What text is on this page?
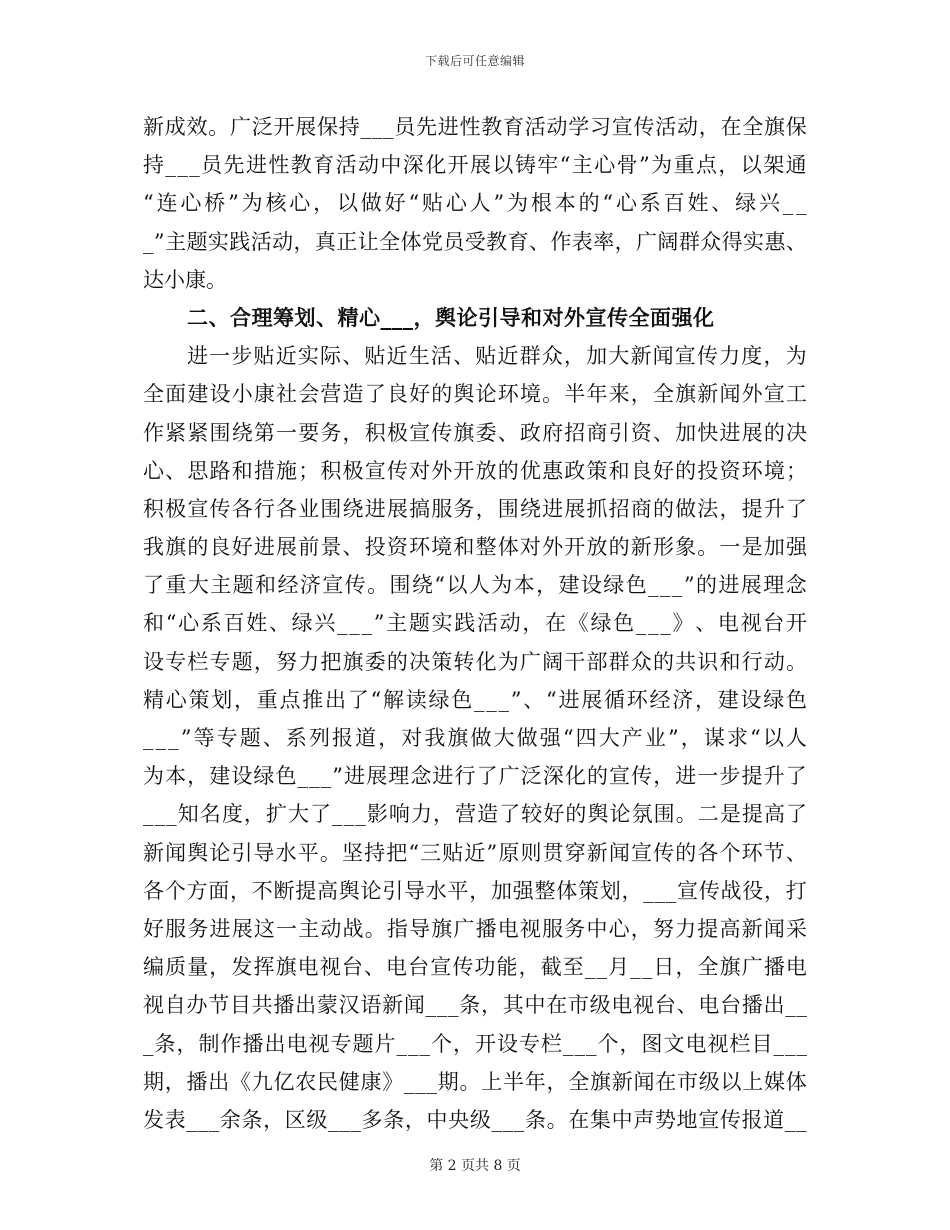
下载后可任意编辑
新 成 效 。 广 泛 开 展 保 持 _ _ _ 员 先 进 性 教 育 活 动 学 习 宣 传 活 动 ， 在 全 旗 保
持 _ _ _ 员 先 进 性 教 育 活 动 中 深 化 开 展 以 铸 牢 “ 主 心 骨 ” 为 重 点 ， 以 架 通
“ 连 心 桥 ” 为 核 心 ， 以 做 好 “ 贴 心 人 ” 为 根 本 的 “ 心 系 百 姓 、 绿 兴 _ _
_ ” 主 题 实 践 活 动 ， 真 正 让 全 体 党 员 受 教 育 、 作 表 率 ， 广 阔 群 众 得 实 惠 、
达小康。
二、合理筹划、精心___，舆论引导和对外宣传全面强化
进 一 步 贴 近 实 际 、 贴 近 生 活 、 贴 近 群 众 ， 加 大 新 闻 宣 传 力 度 ， 为
全 面 建 设 小 康 社 会 营 造 了 良 好 的 舆 论 环 境 。 半 年 来 ， 全 旗 新 闻 外 宣 工
作 紧 紧 围 绕 第 一 要 务 ， 积 极 宣 传 旗 委 、 政 府 招 商 引 资 、 加 快 进 展 的 决
心 、 思 路 和 措 施 ； 积 极 宣 传 对 外 开 放 的 优 惠 政 策 和 良 好 的 投 资 环 境 ；
积 极 宣 传 各 行 各 业 围 绕 进 展 搞 服 务 ， 围 绕 进 展 抓 招 商 的 做 法 ， 提 升 了
我 旗 的 良 好 进 展 前 景 、 投 资 环 境 和 整 体 对 外 开 放 的 新 形 象 。 一 是 加 强
了 重 大 主 题 和 经 济 宣 传 。 围 绕 “ 以 人 为 本 ， 建 设 绿 色 _ _ _ ” 的 进 展 理 念
和 “ 心 系 百 姓 、 绿 兴 _ _ _ ” 主 题 实 践 活 动 ， 在 《 绿 色 _ _ _ 》 、 电 视 台 开
设 专 栏 专 题 ， 努 力 把 旗 委 的 决 策 转 化 为 广 阔 干 部 群 众 的 共 识 和 行 动 。
精 心 策 划 ， 重 点 推 出 了 “ 解 读 绿 色 _ _ _ ” 、 “ 进 展 循 环 经 济 ， 建 设 绿 色
_ _ _ ” 等 专 题 、 系 列 报 道 ， 对 我 旗 做 大 做 强 “ 四 大 产 业 ” ， 谋 求 “ 以 人
为 本 ， 建 设 绿 色 _ _ _ ” 进 展 理 念 进 行 了 广 泛 深 化 的 宣 传 ， 进 一 步 提 升 了
_ _ _ 知 名 度 ， 扩 大 了 _ _ _ 影 响 力 ， 营 造 了 较 好 的 舆 论 氛 围 。 二 是 提 高 了
新 闻 舆 论 引 导 水 平 。 坚 持 把 “ 三 贴 近 ” 原 则 贯 穿 新 闻 宣 传 的 各 个 环 节 、
各 个 方 面 ， 不 断 提 高 舆 论 引 导 水 平 ， 加 强 整 体 策 划 ， _ _ _ 宣 传 战 役 ， 打
好 服 务 进 展 这 一 主 动 战 。 指 导 旗 广 播 电 视 服 务 中 心 ， 努 力 提 高 新 闻 采
编 质 量 ， 发 挥 旗 电 视 台 、 电 台 宣 传 功 能 ， 截 至 _ _ 月 _ _ 日 ， 全 旗 广 播 电
视 自 办 节 目 共 播 出 蒙 汉 语 新 闻 _ _ _ 条 ， 其 中 在 市 级 电 视 台 、 电 台 播 出 _ _
_ 条 ， 制 作 播 出 电 视 专 题 片 _ _ _ 个 ， 开 设 专 栏 _ _ _ 个 ， 图 文 电 视 栏 目 _ _ _
期 ， 播 出 《 九 亿 农 民 健 康 》 _ _ _ 期 。 上 半 年 ， 全 旗 新 闻 在 市 级 以 上 媒 体
发 表 _ _ _ 余 条 ， 区 级 _ _ _ 多 条 ， 中 央 级 _ _ _ 条 。 在 集 中 声 势 地 宣 传 报 道 _ _
第 2 页共 8 页
